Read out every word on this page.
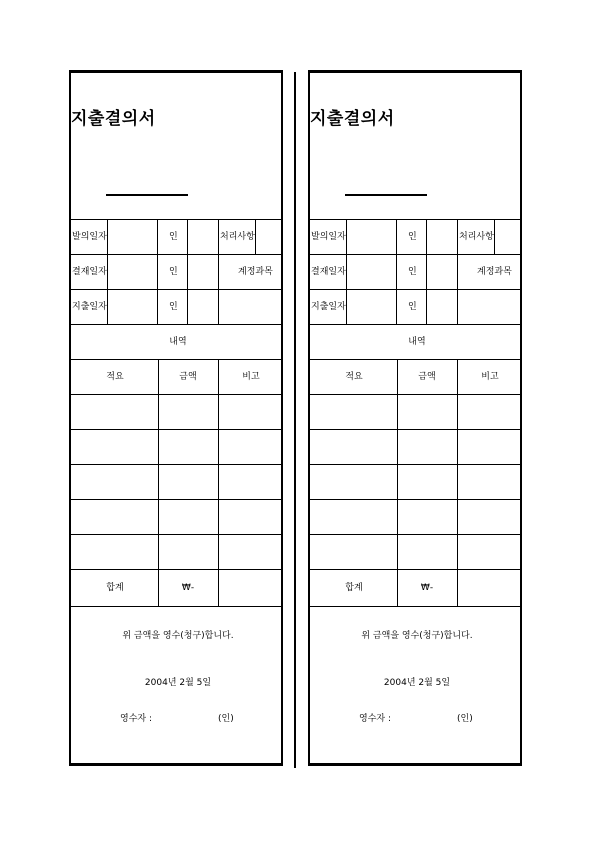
지출결의서
발의일자	인	처리사항
결재일자	인	계정과목
지출일자	인
내역
적요	금액	비고
합계	₩-
위 금액을 영수(청구)합니다.
2004년 2월 5일
영수자 :	(인)
지출결의서
발의일자	인	처리사항
결재일자	인	계정과목
지출일자	인
내역
적요	금액	비고
합계	₩-
위 금액을 영수(청구)합니다.
2004년 2월 5일
영수자 :	(인)
